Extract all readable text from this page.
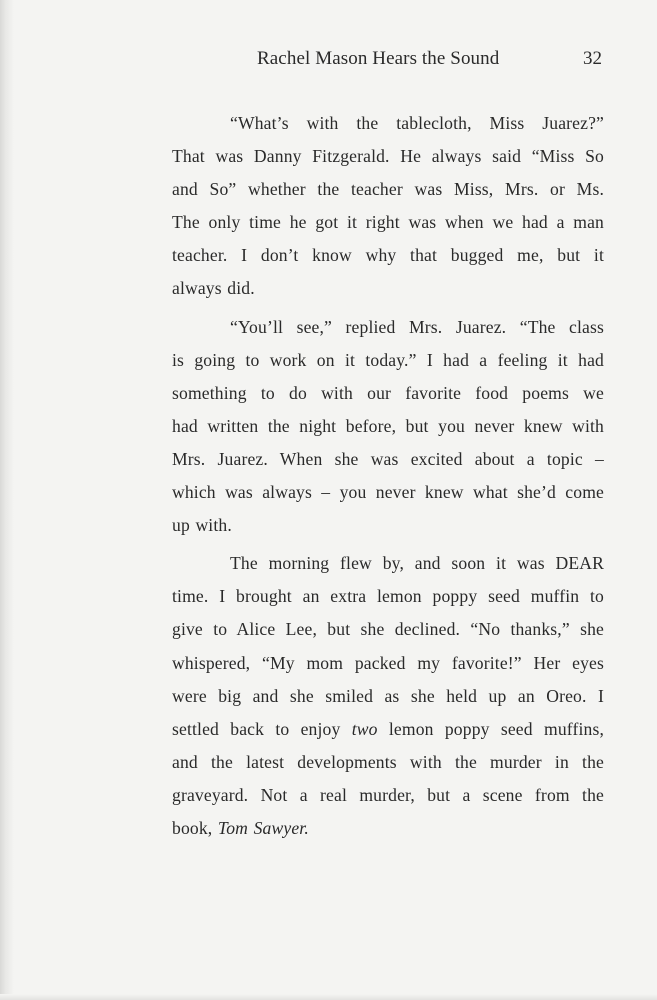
Rachel Mason Hears the Sound	32
“What’s with the tablecloth, Miss Juarez?”
That was Danny Fitzgerald. He always said “Miss So
and So” whether the teacher was Miss, Mrs. or Ms.
The only time he got it right was when we had a man
teacher. I don’t know why that bugged me, but it
always did.
“You’ll see,” replied Mrs. Juarez. “The class
is going to work on it today.” I had a feeling it had
something to do with our favorite food poems we
had written the night before, but you never knew with
Mrs. Juarez. When she was excited about a topic –
which was always – you never knew what she’d come
up with.
The morning flew by, and soon it was DEAR
time. I brought an extra lemon poppy seed muffin to
give to Alice Lee, but she declined. “No thanks,” she
whispered, “My mom packed my favorite!” Her eyes
were big and she smiled as she held up an Oreo. I
settled back to enjoy two lemon poppy seed muffins,
and the latest developments with the murder in the
graveyard. Not a real murder, but a scene from the
book, Tom Sawyer.
